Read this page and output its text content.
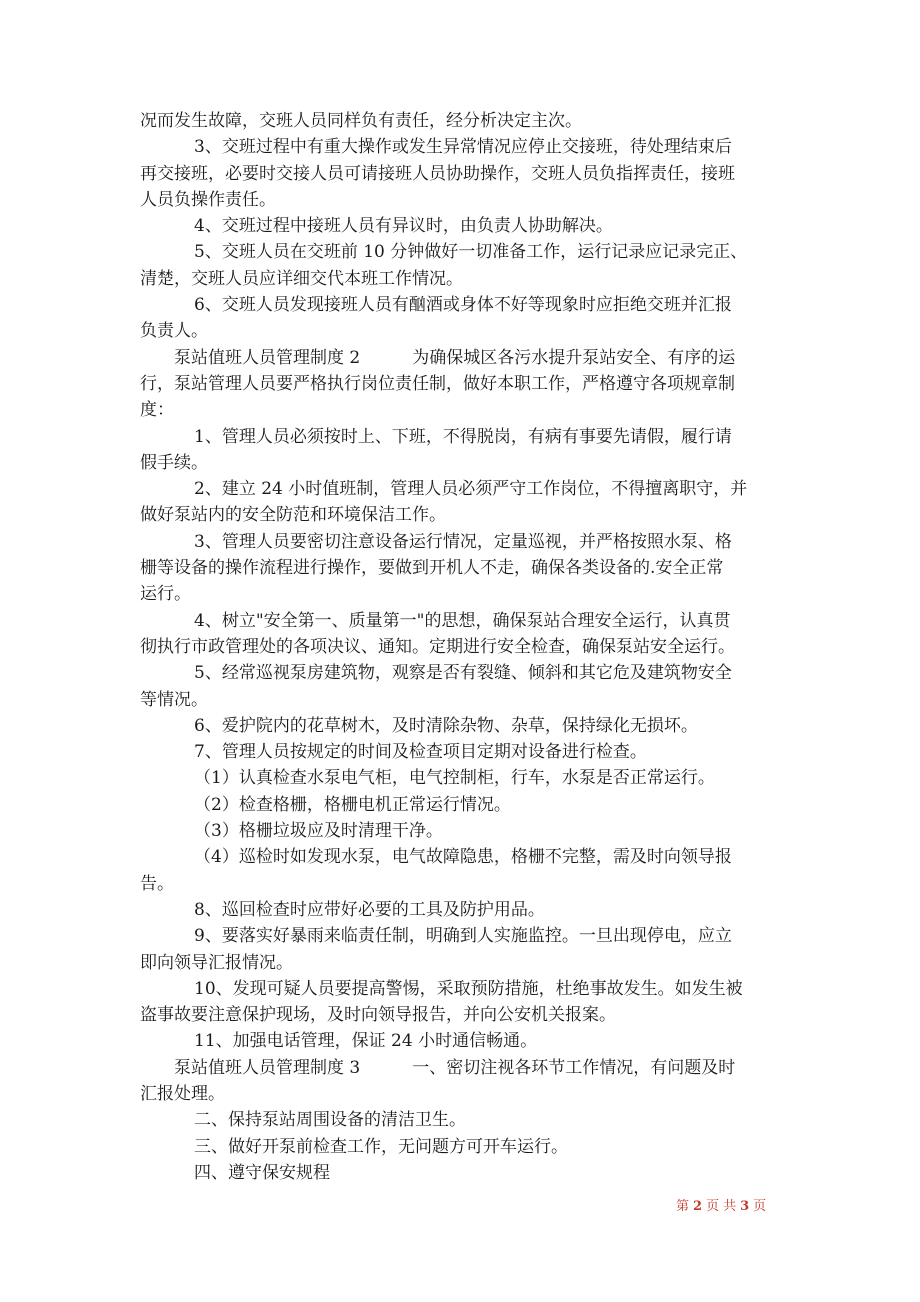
况而发生故障，交班人员同样负有责任，经分析决定主次。
3、交班过程中有重大操作或发生异常情况应停止交接班，待处理结束后
再交接班，必要时交接人员可请接班人员协助操作，交班人员负指挥责任，接班
人员负操作责任。
4、交班过程中接班人员有异议时，由负责人协助解决。
5、交班人员在交班前 10 分钟做好一切准备工作，运行记录应记录完正、
清楚，交班人员应详细交代本班工作情况。
6、交班人员发现接班人员有酗酒或身体不好等现象时应拒绝交班并汇报
负责人。
泵站值班人员管理制度 2	为确保城区各污水提升泵站安全、有序的运
行，泵站管理人员要严格执行岗位责任制，做好本职工作，严格遵守各项规章制
度：
1、管理人员必须按时上、下班，不得脱岗，有病有事要先请假，履行请
假手续。
2、建立 24 小时值班制，管理人员必须严守工作岗位，不得擅离职守，并
做好泵站内的安全防范和环境保洁工作。
3、管理人员要密切注意设备运行情况，定量巡视，并严格按照水泵、格
栅等设备的操作流程进行操作，要做到开机人不走，确保各类设备的.安全正常
运行。
4、树立"安全第一、质量第一"的思想，确保泵站合理安全运行，认真贯
彻执行市政管理处的各项决议、通知。定期进行安全检查，确保泵站安全运行。
5、经常巡视泵房建筑物，观察是否有裂缝、倾斜和其它危及建筑物安全
等情况。
6、爱护院内的花草树木，及时清除杂物、杂草，保持绿化无损坏。
7、管理人员按规定的时间及检查项目定期对设备进行检查。
（1）认真检查水泵电气柜，电气控制柜，行车，水泵是否正常运行。
（2）检查格栅，格栅电机正常运行情况。
（3）格栅垃圾应及时清理干净。
（4）巡检时如发现水泵，电气故障隐患，格栅不完整，需及时向领导报
告。
8、巡回检查时应带好必要的工具及防护用品。
9、要落实好暴雨来临责任制，明确到人实施监控。一旦出现停电，应立
即向领导汇报情况。
10、发现可疑人员要提高警惕，采取预防措施，杜绝事故发生。如发生被
盗事故要注意保护现场，及时向领导报告，并向公安机关报案。
11、加强电话管理，保证 24 小时通信畅通。
泵站值班人员管理制度 3	一、密切注视各环节工作情况，有问题及时
汇报处理。
二、保持泵站周围设备的清洁卫生。
三、做好开泵前检查工作，无问题方可开车运行。
四、遵守保安规程
第 2 页 共 3 页
